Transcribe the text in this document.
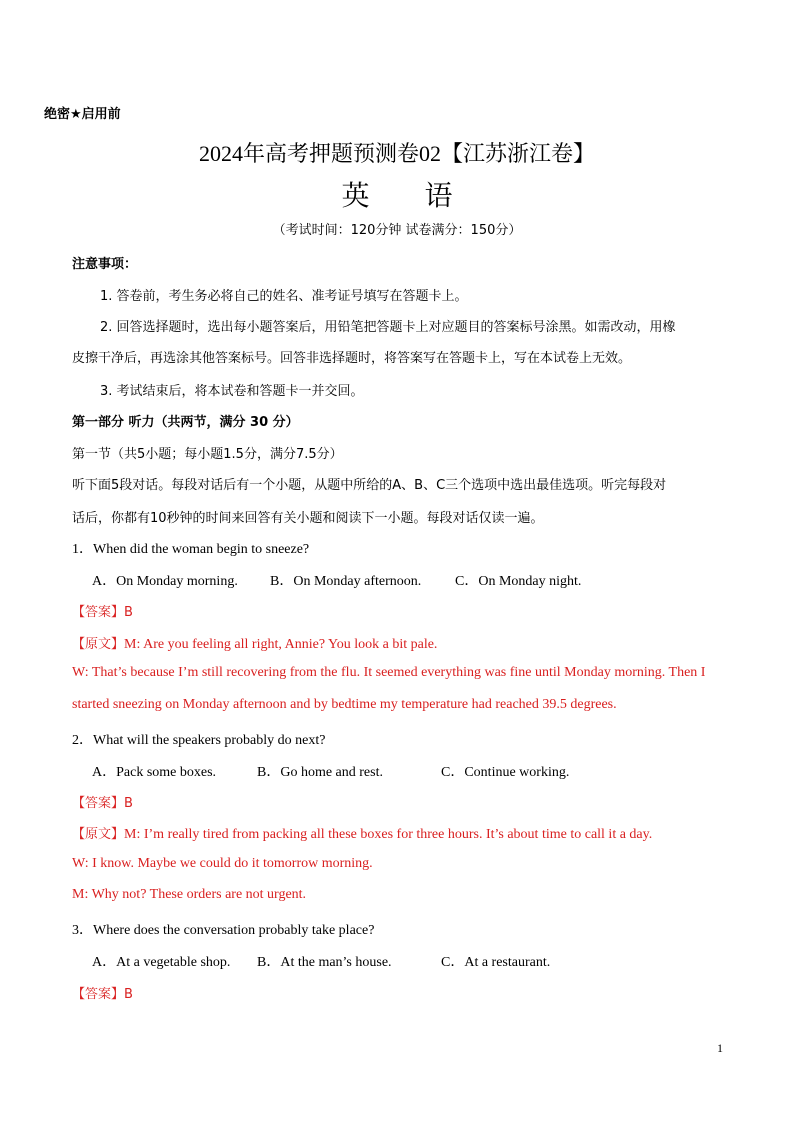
绝密★启用前
2024年高考押题预测卷02【江苏浙江卷】
英 语
（考试时间：120分钟 试卷满分：150分）
注意事项：
1. 答卷前，考生务必将自己的姓名、准考证号填写在答题卡上。
2. 回答选择题时，选出每小题答案后，用铅笔把答题卡上对应题目的答案标号涂黑。如需改动，用橡
皮擦干净后，再选涂其他答案标号。回答非选择题时，将答案写在答题卡上，写在本试卷上无效。
3. 考试结束后，将本试卷和答题卡一并交回。
第一部分 听力（共两节，满分 30 分）
第一节（共5小题；每小题1.5分，满分7.5分）
听下面5段对话。每段对话后有一个小题，从题中所给的A、B、C三个选项中选出最佳选项。听完每段对
话后，你都有10秒钟的时间来回答有关小题和阅读下一小题。每段对话仅读一遍。
1．When did the woman begin to sneeze?
A．On Monday morning. B．On Monday afternoon. C．On Monday night.
【答案】B
【原文】M: Are you feeling all right, Annie? You look a bit pale.
W: That’s because I’m still recovering from the flu. It seemed everything was fine until Monday morning. Then I
started sneezing on Monday afternoon and by bedtime my temperature had reached 39.5 degrees.
2．What will the speakers probably do next?
A．Pack some boxes.	B．Go home and rest.	C．Continue working.
【答案】B
【原文】M: I’m really tired from packing all these boxes for three hours. It’s about time to call it a day.
W: I know. Maybe we could do it tomorrow morning.
M: Why not? These orders are not urgent.
3．Where does the conversation probably take place?
A．At a vegetable shop. B．At the man’s house.	C．At a restaurant.
【答案】B
1
